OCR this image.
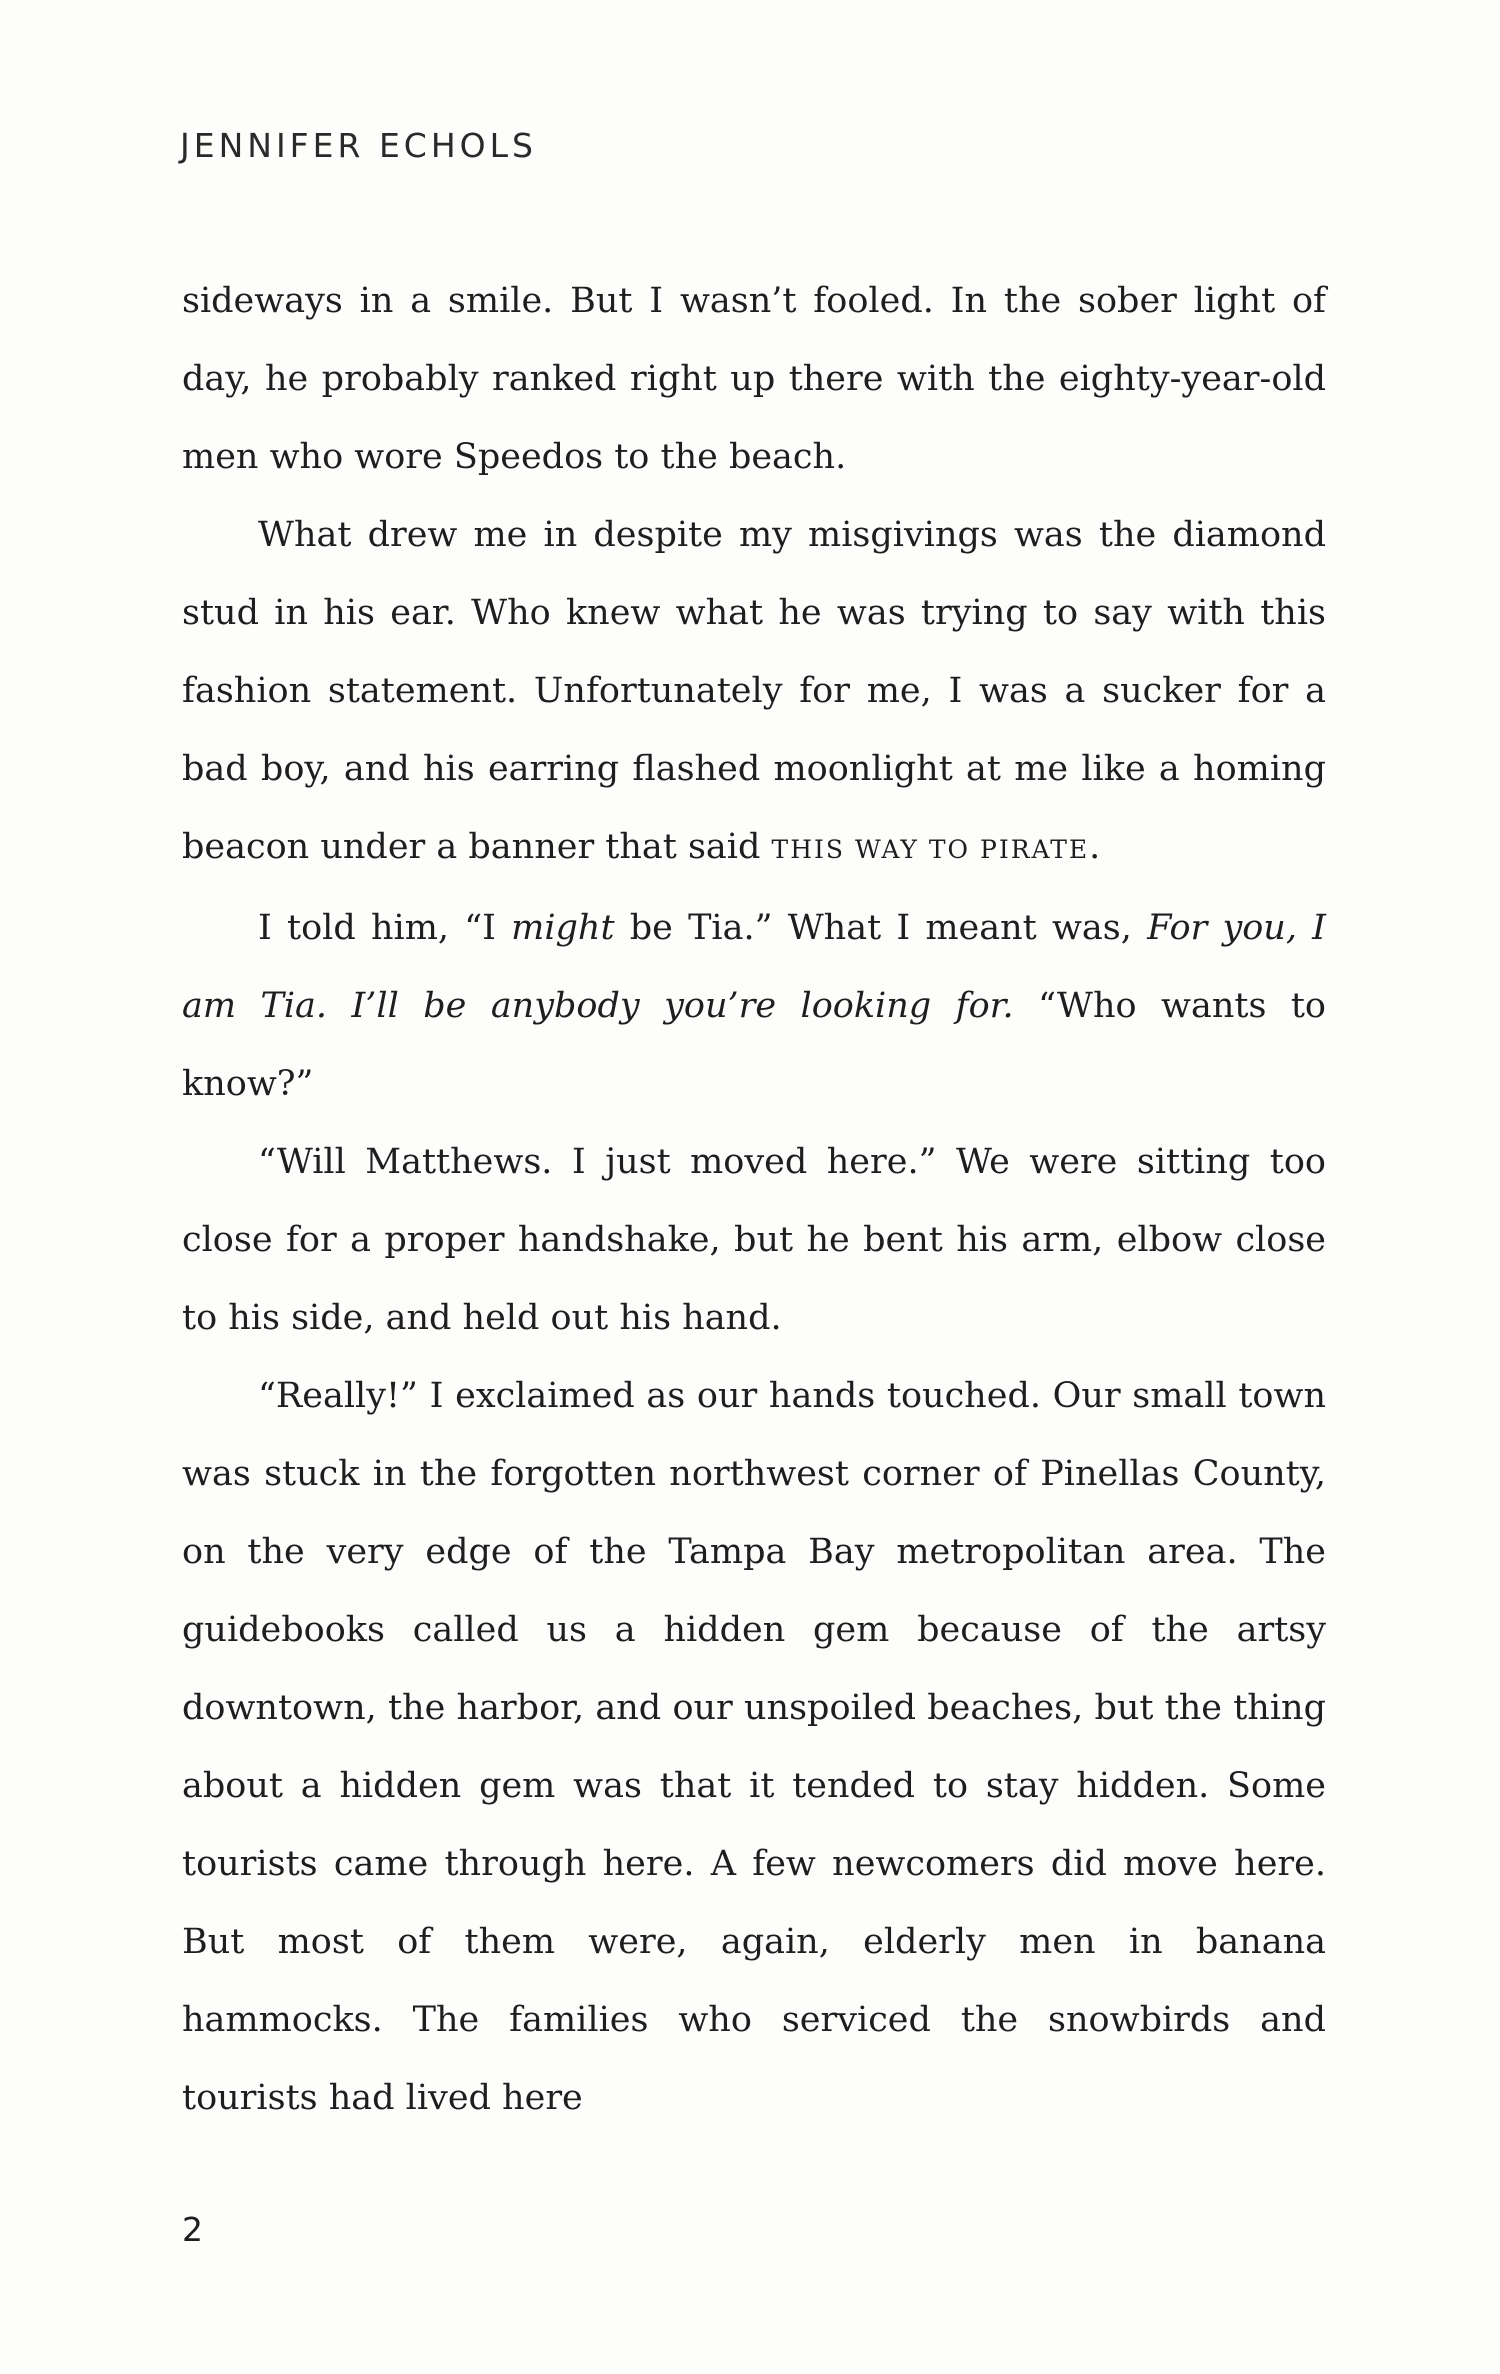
JENNIFER ECHOLS

sideways in a smile. But I wasn’t fooled. In the sober light of day, he probably ranked right up there with the eighty-year-old men who wore Speedos to the beach.

What drew me in despite my misgivings was the diamond stud in his ear. Who knew what he was trying to say with this fashion statement. Unfortunately for me, I was a sucker for a bad boy, and his earring flashed moonlight at me like a homing beacon under a banner that said THIS WAY TO PIRATE.

I told him, “I might be Tia.” What I meant was, For you, I am Tia. I’ll be anybody you’re looking for. “Who wants to know?”

“Will Matthews. I just moved here.” We were sitting too close for a proper handshake, but he bent his arm, elbow close to his side, and held out his hand.

“Really!” I exclaimed as our hands touched. Our small town was stuck in the forgotten northwest corner of Pinellas County, on the very edge of the Tampa Bay metropolitan area. The guidebooks called us a hidden gem because of the artsy downtown, the harbor, and our unspoiled beaches, but the thing about a hidden gem was that it tended to stay hidden. Some tourists came through here. A few newcomers did move here. But most of them were, again, elderly men in banana hammocks. The families who serviced the snowbirds and tourists had lived here

2
